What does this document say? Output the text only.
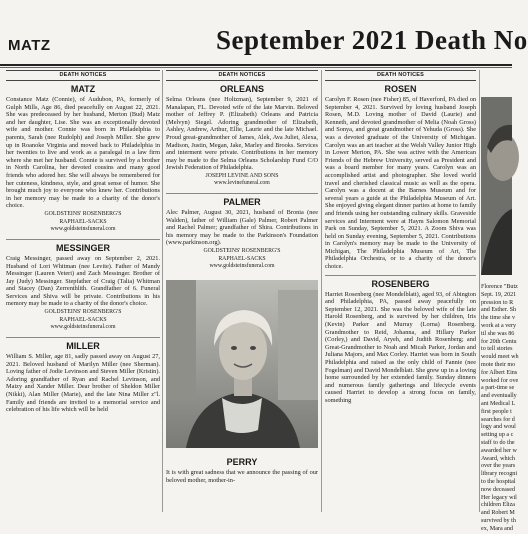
MATZ	September 2021 Death No
DEATH NOTICES
MATZ

Constance Matz (Connie), of Audubon, PA, formerly of Gulph Mills, Age 86, died peacefully on August 22, 2021. She was predeceased by her husband, Merton (Bud) Matz and her daughter, Lise. She was an exceptionally devoted wife and mother. Connie was born in Philadelphia to parents, Sarah (nee Rudolph) and Joseph Miller. She grew up in Roanoke Virginia and moved back to Philadelphia in her twenties to live and work as a paralegal in a law firm where she met her husband. Connie is survived by a brother in North Carolina, her devoted cousins and many good friends who adored her. She will always be remembered for her cuteness, kindness, style, and great sense of humor. She brought much joy to everyone who knew her. Contributions in her memory may be made to a charity of the donor's choice.

GOLDSTEINS' ROSENBERG'S

RAPHAEL-SACKS

www.goldsteinsfuneral.com

MESSINGER

Craig Messinger, passed away on September 2, 2021. Husband of Lori Whitman (nee Levite). Father of Mandy Messinger (Lauren Veteri) and Zach Messinger. Brother of Jay (Judy) Messinger. Stepfather of Craig (Talia) Whitman and Stacey (Dan) Zerrenthlith. Grandfather of 6. Funeral Services and Shiva will be private. Contributions in his memory may be made to a charity of the donor's choice.

GOLDSTEINS' ROSENBERG'S

RAPHAEL-SACKS

www.goldsteinsfuneral.com

MILLER

William S. Miller, age 81, sadly passed away on August 27, 2021. Beloved husband of Marilyn Miller (nee Sherman). Loving father of Jodie Levinson and Steven Miller (Kristin). Adoring grandfather of Ryan and Rachel Levinson, and Maizy and Xander Miller. Dear brother of Sheldon Miller (Nikki), Alan Miller (Marie), and the late Nina Miller z"l. Family and friends are invited to a memorial service and celebration of his life which will be held

DEATH NOTICES
ORLEANS

Selma Orleans (nee Holtzman), September 9, 2021 of Manalapan, FL. Devoted wife of the late Marvin. Beloved mother of Jeffrey P. (Elizabeth) Orleans and Patricia (Melvyn) Siegel. Adoring grandmother of Elizabeth, Ashley, Andrew, Arthur, Ellie, Laurie and the late Michael. Proud great-grandmother of James, Alek, Ava Juliet, Alexa, Madison, Justin, Megan, Jake, Marley and Brooks. Services and interment were private. Contributions in her memory may be made to the Selma Orleans Scholarship Fund C/O Jewish Federation of Philadelphia.

JOSEPH LEVINE AND SONS

www.levinefuneral.com

PALMER

Alec Palmer, August 30, 2021, husband of Bronia (nee Walden), father of William (Gale) Palmer, Robert Palmer and Rachel Palmer; grandfather of Shira. Contributions in his memory may be made to the Parkinson's Foundation (www.parkinson.org).

GOLDSTEINS' ROSENBERG'S

RAPHAEL-SACKS

www.goldsteinsfuneral.com

PERRY

It is with great sadness that we announce the passing of our beloved mother, mother-in-

DEATH NOTICES
ROSEN

Carolyn F. Rosen (nee Fisher) 85, of Haverford, PA died on September 4, 2021. Survived by loving husband Joseph Rosen, M.D. Loving mother of David (Laurie) and Kenneth, and devoted grandmother of Melia (Noah Gross) and Sonya, and great grandmother of Yehuda (Gross). She was a devoted graduate of the University of Michigan. Carolyn was an art teacher at the Welsh Valley Junior High in Lower Merion, PA. She was active with the American Friends of the Hebrew University, served as President and was a board member for many years. Carolyn was an accomplished artist and photographer. She loved world travel and cherished classical music as well as the opera. Carolyn was a docent at the Barnes Museum and for several years a guide at the Philadelphia Museum of Art. She enjoyed giving elegant dinner parties at home to family and friends using her outstanding culinary skills. Graveside services and Interment were at Haym Salomon Memorial Park on Sunday, September 5, 2021. A Zoom Shiva was held on Sunday evening, September 5, 2021. Contributions in Carolyn's memory may be made to the University of Michigan, The Philadelphia Museum of Art, The Philadelphia Orchestra, or to a charity of the donor's choice.

ROSENBERG

Harriet Rosenberg (nee Mondelblatt), aged 93, of Abington and Philadelphia, PA, passed away peacefully on September 12, 2021. She was the beloved wife of the late Harold Rosenberg, and is survived by her children, Iris (Kevin) Parker and Murray (Lorna) Rosenberg. Grandmother to Reid, Johanna, and Hillary Parker (Corley,) and David, Aryeh, and Judith Rosenberg; and Great-Grandmother to Noah and Micah Parker, Jordan and Juliana Majors, and Max Corley. Harriet was born in South Philadelphia and raised as the only child of Fannie (nee Fogelman) and David Mondelblatt. She grew up in a loving home surrounded by her extended family. Sunday dinners and numerous family gatherings and lifecycle events caused Harriet to develop a strong focus on family, something

Florence "Butz

Sept. 19, 2021

pression to R

and Esther. Sh

the time she v

work at a very

til she was 86

for 20th Centu

to tell stories

would meet wh

mote their mo

for Albert Eins

worked for ove

a part-time se

and eventually

ant Medical L

first people t

searches for d

logy and woul

setting up a c

staff to do the

awarded her w

Award, which

over the years

library recogni

to the hospital

now deceased

Her legacy wil

children Eliza

and Robert M

survived by th

ex, Mara and
